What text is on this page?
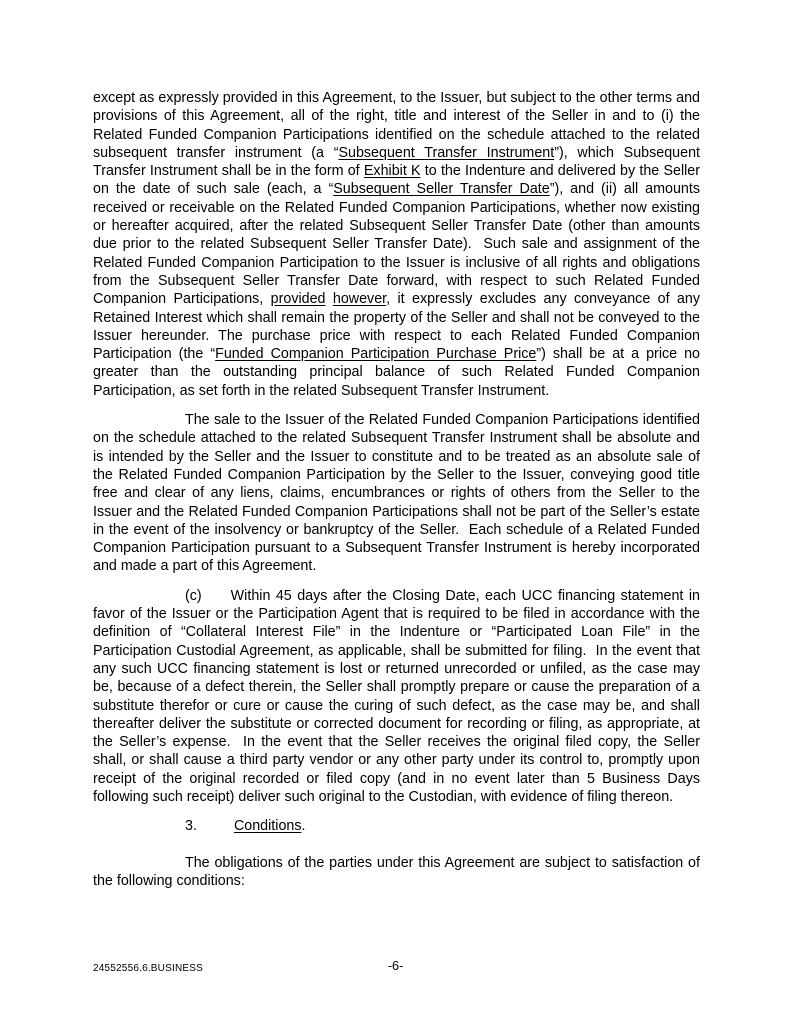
except as expressly provided in this Agreement, to the Issuer, but subject to the other terms and provisions of this Agreement, all of the right, title and interest of the Seller in and to (i) the Related Funded Companion Participations identified on the schedule attached to the related subsequent transfer instrument (a “Subsequent Transfer Instrument”), which Subsequent Transfer Instrument shall be in the form of Exhibit K to the Indenture and delivered by the Seller on the date of such sale (each, a “Subsequent Seller Transfer Date”), and (ii) all amounts received or receivable on the Related Funded Companion Participations, whether now existing or hereafter acquired, after the related Subsequent Seller Transfer Date (other than amounts due prior to the related Subsequent Seller Transfer Date).  Such sale and assignment of the Related Funded Companion Participation to the Issuer is inclusive of all rights and obligations from the Subsequent Seller Transfer Date forward, with respect to such Related Funded Companion Participations, provided however, it expressly excludes any conveyance of any Retained Interest which shall remain the property of the Seller and shall not be conveyed to the Issuer hereunder. The purchase price with respect to each Related Funded Companion Participation (the “Funded Companion Participation Purchase Price”) shall be at a price no greater than the outstanding principal balance of such Related Funded Companion Participation, as set forth in the related Subsequent Transfer Instrument.

The sale to the Issuer of the Related Funded Companion Participations identified on the schedule attached to the related Subsequent Transfer Instrument shall be absolute and is intended by the Seller and the Issuer to constitute and to be treated as an absolute sale of the Related Funded Companion Participation by the Seller to the Issuer, conveying good title free and clear of any liens, claims, encumbrances or rights of others from the Seller to the Issuer and the Related Funded Companion Participations shall not be part of the Seller’s estate in the event of the insolvency or bankruptcy of the Seller.  Each schedule of a Related Funded Companion Participation pursuant to a Subsequent Transfer Instrument is hereby incorporated and made a part of this Agreement.

(c) Within 45 days after the Closing Date, each UCC financing statement in favor of the Issuer or the Participation Agent that is required to be filed in accordance with the definition of “Collateral Interest File” in the Indenture or “Participated Loan File” in the Participation Custodial Agreement, as applicable, shall be submitted for filing.  In the event that any such UCC financing statement is lost or returned unrecorded or unfiled, as the case may be, because of a defect therein, the Seller shall promptly prepare or cause the preparation of a substitute therefor or cure or cause the curing of such defect, as the case may be, and shall thereafter deliver the substitute or corrected document for recording or filing, as appropriate, at the Seller’s expense.  In the event that the Seller receives the original filed copy, the Seller shall, or shall cause a third party vendor or any other party under its control to, promptly upon receipt of the original recorded or filed copy (and in no event later than 5 Business Days following such receipt) deliver such original to the Custodian, with evidence of filing thereon.

3.	Conditions.

The obligations of the parties under this Agreement are subject to satisfaction of the following conditions:

24552556.6.BUSINESS	-6-
